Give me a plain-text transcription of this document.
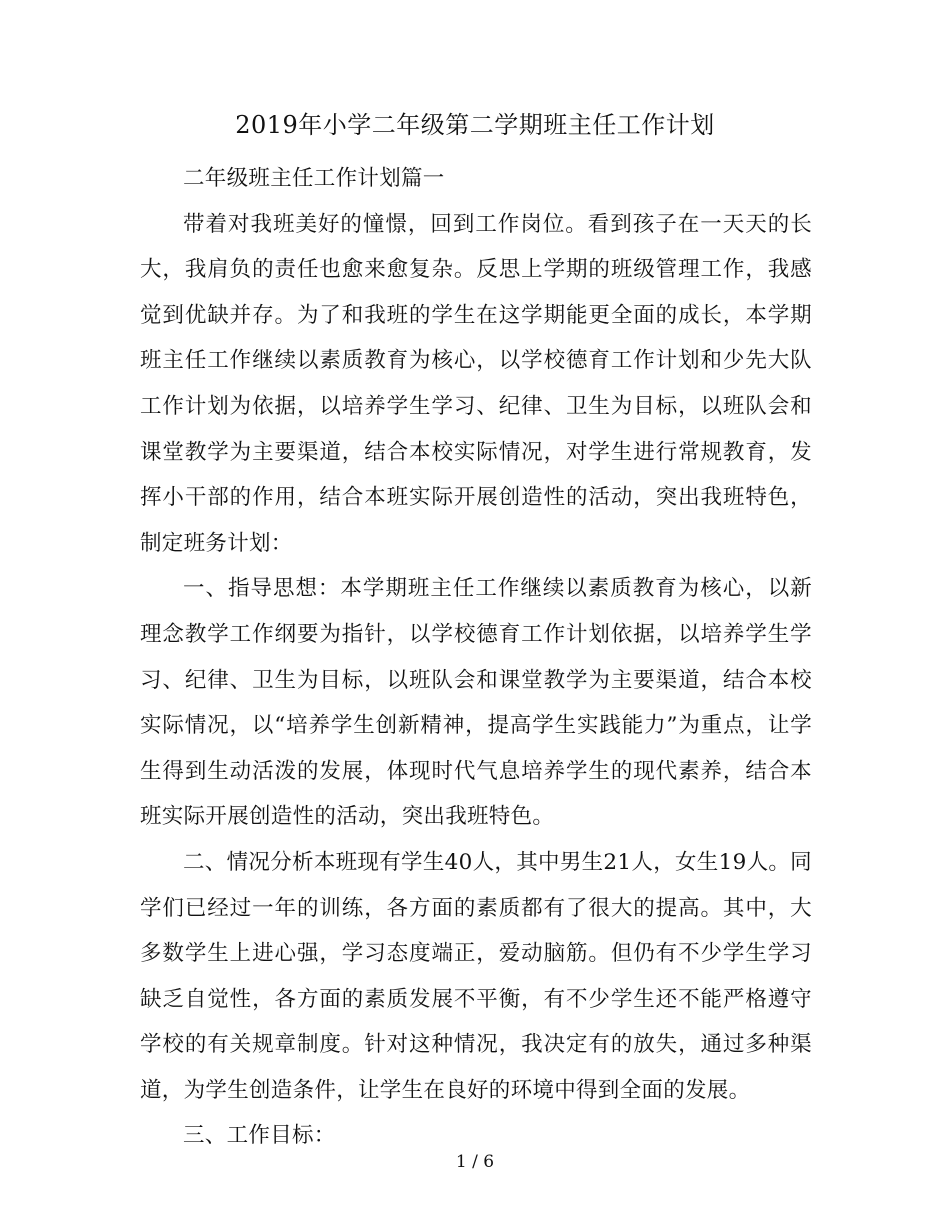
2019年小学二年级第二学期班主任工作计划

二年级班主任工作计划篇一

带着对我班美好的憧憬，回到工作岗位。看到孩子在一天天的长大，我肩负的责任也愈来愈复杂。反思上学期的班级管理工作，我感觉到优缺并存。为了和我班的学生在这学期能更全面的成长，本学期班主任工作继续以素质教育为核心，以学校德育工作计划和少先大队工作计划为依据，以培养学生学习、纪律、卫生为目标，以班队会和课堂教学为主要渠道，结合本校实际情况，对学生进行常规教育，发挥小干部的作用，结合本班实际开展创造性的活动，突出我班特色，制定班务计划：

一、指导思想：本学期班主任工作继续以素质教育为核心，以新理念教学工作纲要为指针，以学校德育工作计划依据，以培养学生学习、纪律、卫生为目标，以班队会和课堂教学为主要渠道，结合本校实际情况，以“培养学生创新精神，提高学生实践能力”为重点，让学生得到生动活泼的发展，体现时代气息培养学生的现代素养，结合本班实际开展创造性的活动，突出我班特色。

二、情况分析本班现有学生40人，其中男生21人，女生19人。同学们已经过一年的训练，各方面的素质都有了很大的提高。其中，大多数学生上进心强，学习态度端正，爱动脑筋。但仍有不少学生学习缺乏自觉性，各方面的素质发展不平衡，有不少学生还不能严格遵守学校的有关规章制度。针对这种情况，我决定有的放失，通过多种渠道，为学生创造条件，让学生在良好的环境中得到全面的发展。

三、工作目标：

1 / 6
